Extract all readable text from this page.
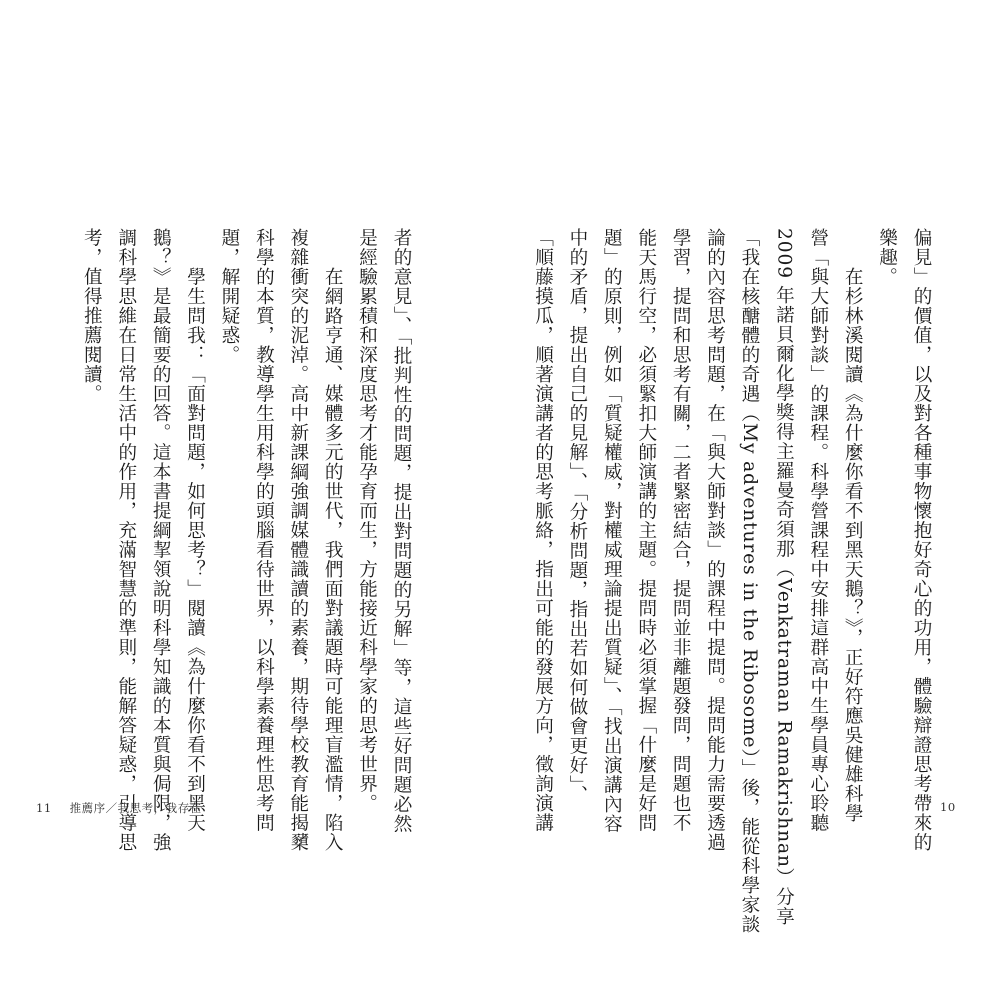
偏見」的價值，以及對各種事物懷抱好奇心的功用，體驗辯證思考帶來的

樂趣。

　　在杉林溪閱讀《為什麼你看不到黑天鵝？》，正好符應吳健雄科學

營「與大師對談」的課程。科學營課程中安排這群高中生學員專心聆聽

2009 年諾貝爾化學獎得主羅曼奇須那（Venkatraman Ramakrishnan）分享

「我在核醣體的奇遇（My adventures in the Ribosome）」後，能從科學家談

論的內容思考問題，在「與大師對談」的課程中提問。提問能力需要透過

學習，提問和思考有關，二者緊密結合，提問並非離題發問，問題也不

能天馬行空，必須緊扣大師演講的主題。提問時必須掌握「什麼是好問

題」的原則，例如「質疑權威，對權威理論提出質疑」、「找出演講內容

中的矛盾，提出自己的見解」、「分析問題，指出若如何做會更好」、

「順藤摸瓜，順著演講者的思考脈絡，指出可能的發展方向，徵詢演講

者的意見」、「批判性的問題，提出對問題的另解」等，這些好問題必然

是經驗累積和深度思考才能孕育而生，方能接近科學家的思考世界。

　　在網路亨通、媒體多元的世代，我們面對議題時可能理盲濫情，陷入

複雜衝突的泥淖。高中新課綱強調媒體識讀的素養，期待學校教育能揭櫫

科學的本質，教導學生用科學的頭腦看待世界，以科學素養理性思考問

題，解開疑惑。

　　學生問我：「面對問題，如何思考？」閱讀《為什麼你看不到黑天

鵝？》是最簡要的回答。這本書提綱挈領說明科學知識的本質與侷限，強

調科學思維在日常生活中的作用，充滿智慧的準則，能解答疑惑，引導思

考，值得推薦閱讀。

11 推薦序／我思考，我存在	10
